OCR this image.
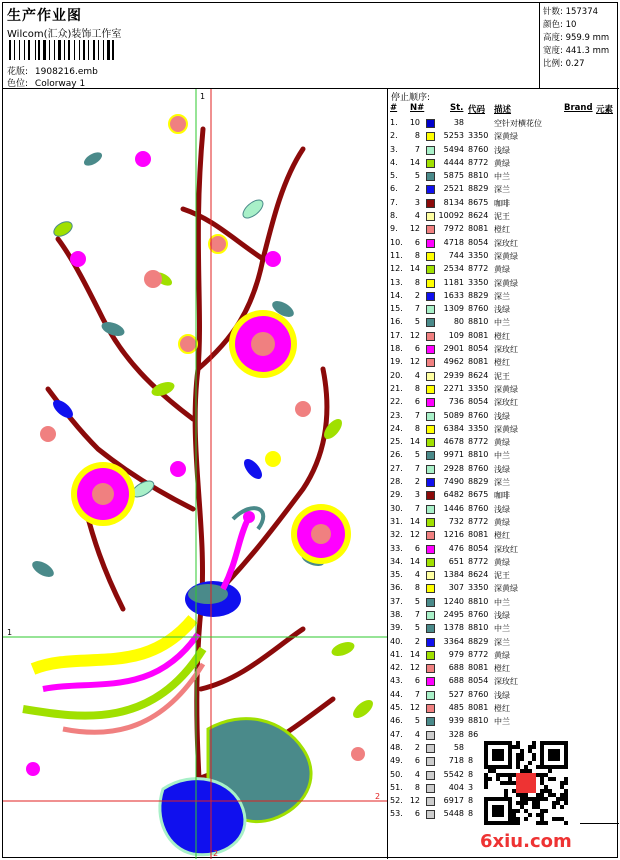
生产作业图
Wilcom(汇众)装饰工作室
花版: 1908216.emb
色位: Colorway 1
针数: 157374
颜色: 10
高度: 959.9 mm
宽度: 441.3 mm
比例: 0.27
1
1
2
2
停止顺序:
# N#	St. 代码 描述	Brand 元素
1. 10	38	空针对横花位
2.	8	5253 3350 深黄绿
3.	7	5494 8760 浅绿
4. 14	4444 8772 黄绿
5.	5	5875 8810 中兰
6.	2	2521 8829 深兰
7.	3	8134 8675 咖啡
8.	4	10092 8624 泥王
9. 12	7972 8081 橙红
10.	6	4718 8054 深玫红
11.	8	744 3350 深黄绿
12. 14	2534 8772 黄绿
13.	8	1181 3350 深黄绿
14.	2	1633 8829 深兰
15.	7	1309 8760 浅绿
16.	5	80 8810 中兰
17. 12	109 8081 橙红
18.	6	2901 8054 深玫红
19. 12	4962 8081 橙红
20.	4	2939 8624 泥王
21.	8	2271 3350 深黄绿
22.	6	736 8054 深玫红
23.	7	5089 8760 浅绿
24.	8	6384 3350 深黄绿
25. 14	4678 8772 黄绿
26.	5	9971 8810 中兰
27.	7	2928 8760 浅绿
28.	2	7490 8829 深兰
29.	3	6482 8675 咖啡
30.	7	1446 8760 浅绿
31. 14	732 8772 黄绿
32. 12	1216 8081 橙红
33.	6	476 8054 深玫红
34. 14	651 8772 黄绿
35.	4	1384 8624 泥王
36.	8	307 3350 深黄绿
37.	5	1240 8810 中兰
38.	7	2495 8760 浅绿
39.	5	1378 8810 中兰
40.	2	3364 8829 深兰
41. 14	979 8772 黄绿
42. 12	688 8081 橙红
43.	6	688 8054 深玫红
44.	7	527 8760 浅绿
45. 12	485 8081 橙红
46.	5	939 8810 中兰
47.	4	328 86
48.	2	58
49.	6	718 8
50.	4	5542 8
51.	8	404 3
52. 12	6917 8
53.	6	5448 8
6xiu.com
